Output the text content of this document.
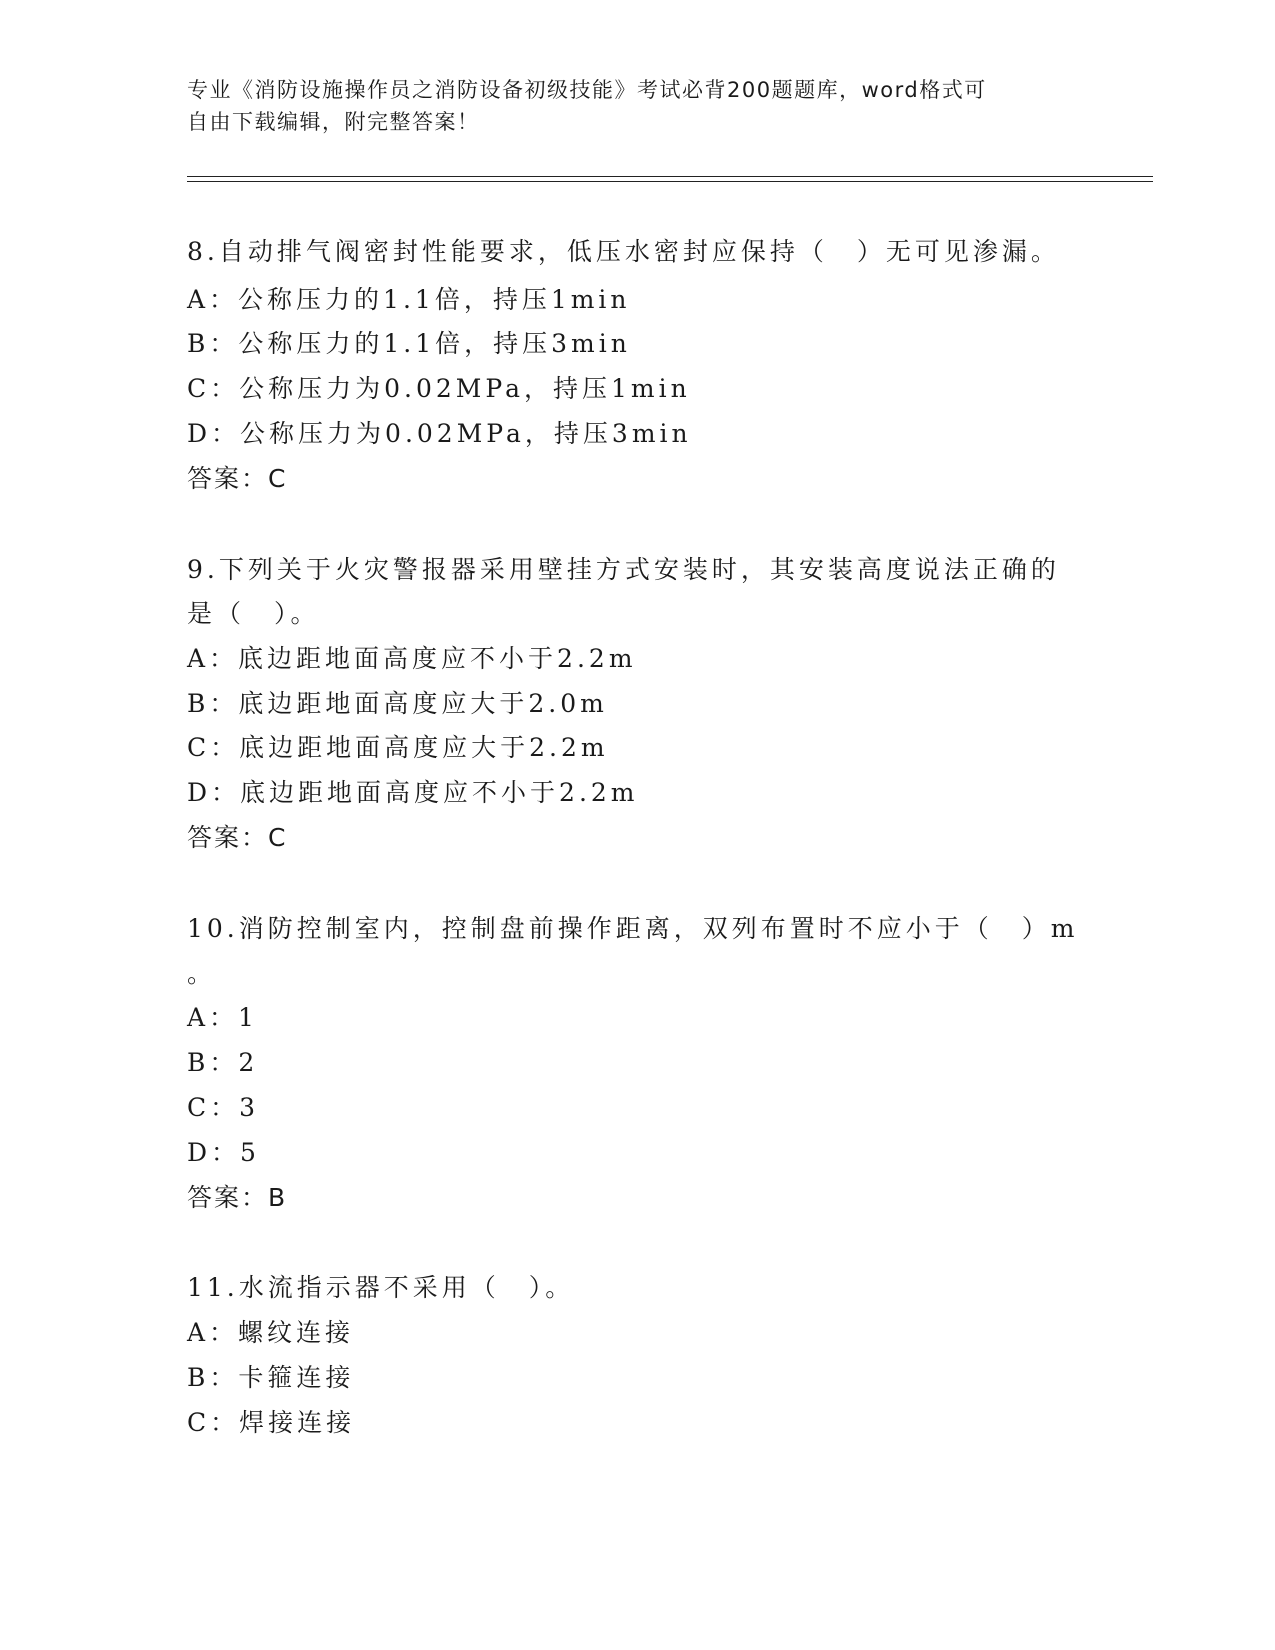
专业《消防设施操作员之消防设备初级技能》考试必背200题题库，word格式可
自由下载编辑，附完整答案！
8.自动排气阀密封性能要求，低压水密封应保持（　）无可见渗漏。
A：公称压力的1.1倍，持压1min
B：公称压力的1.1倍，持压3min
C：公称压力为0.02MPa，持压1min
D：公称压力为0.02MPa，持压3min
答案：C
9.下列关于火灾警报器采用壁挂方式安装时，其安装高度说法正确的
是（　）。
A：底边距地面高度应不小于2.2m
B：底边距地面高度应大于2.0m
C：底边距地面高度应大于2.2m
D：底边距地面高度应不小于2.2m
答案：C
10.消防控制室内，控制盘前操作距离，双列布置时不应小于（　）m
。
A：1
B：2
C：3
D：5
答案：B
11.水流指示器不采用（　）。
A：螺纹连接
B：卡箍连接
C：焊接连接
